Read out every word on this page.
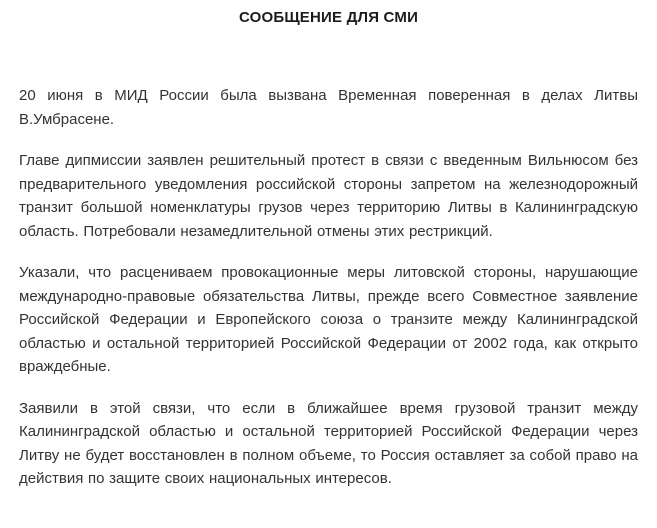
СООБЩЕНИЕ ДЛЯ СМИ

20 июня в МИД России была вызвана Временная поверенная в делах Литвы В.Умбрасене.

Главе дипмиссии заявлен решительный протест в связи с введенным Вильнюсом без предварительного уведомления российской стороны запретом на железнодорожный транзит большой номенклатуры грузов через территорию Литвы в Калининградскую область. Потребовали незамедлительной отмены этих рестрикций.

Указали, что расцениваем провокационные меры литовской стороны, нарушающие международно-правовые обязательства Литвы, прежде всего Совместное заявление Российской Федерации и Европейского союза о транзите между Калининградской областью и остальной территорией Российской Федерации от 2002 года, как открыто враждебные.

Заявили в этой связи, что если в ближайшее время грузовой транзит между Калининградской областью и остальной территорией Российской Федерации через Литву не будет восстановлен в полном объеме, то Россия оставляет за собой право на действия по защите своих национальных интересов.
